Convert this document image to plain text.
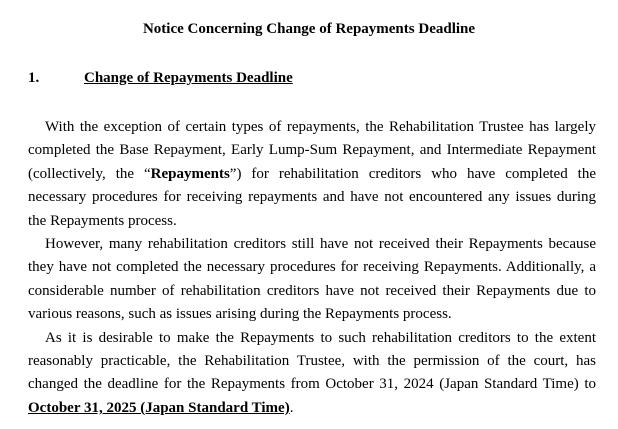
Notice Concerning Change of Repayments Deadline
1.	Change of Repayments Deadline

With the exception of certain types of repayments, the Rehabilitation Trustee has largely completed the Base Repayment, Early Lump-Sum Repayment, and Intermediate Repayment (collectively, the “Repayments”) for rehabilitation creditors who have completed the necessary procedures for receiving repayments and have not encountered any issues during the Repayments process.

However, many rehabilitation creditors still have not received their Repayments because they have not completed the necessary procedures for receiving Repayments. Additionally, a considerable number of rehabilitation creditors have not received their Repayments due to various reasons, such as issues arising during the Repayments process.

As it is desirable to make the Repayments to such rehabilitation creditors to the extent reasonably practicable, the Rehabilitation Trustee, with the permission of the court, has changed the deadline for the Repayments from October 31, 2024 (Japan Standard Time) to October 31, 2025 (Japan Standard Time).
